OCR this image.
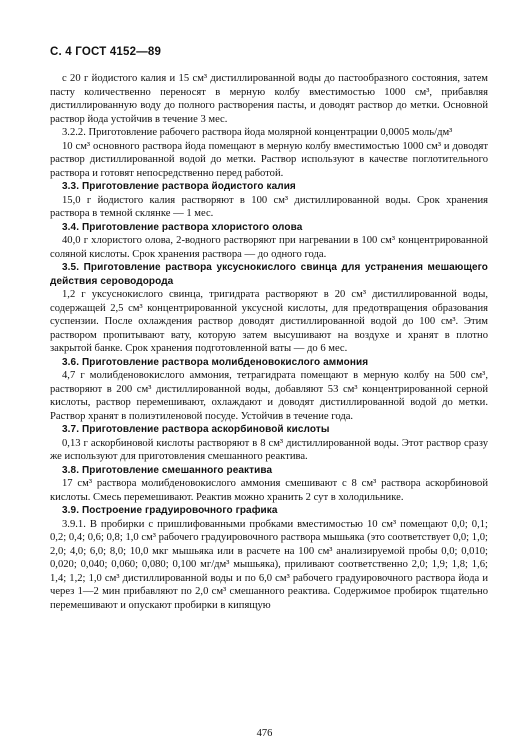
С. 4 ГОСТ 4152—89

с 20 г йодистого калия и 15 см³ дистиллированной воды до пастообразного состояния, затем пасту количественно переносят в мерную колбу вместимостью 1000 см³, прибавляя дистиллированную воду до полного растворения пасты, и доводят раствор до метки. Основной раствор йода устойчив в течение 3 мес.

3.2.2. Приготовление рабочего раствора йода молярной концентрации 0,0005 моль/дм³

10 см³ основного раствора йода помещают в мерную колбу вместимостью 1000 см³ и доводят раствор дистиллированной водой до метки. Раствор используют в качестве поглотительного раствора и готовят непосредственно перед работой.

3.3. Приготовление раствора йодистого калия

15,0 г йодистого калия растворяют в 100 см³ дистиллированной воды. Срок хранения раствора в темной склянке — 1 мес.

3.4. Приготовление раствора хлористого олова

40,0 г хлористого олова, 2-водного растворяют при нагревании в 100 см³ концентрированной соляной кислоты. Срок хранения раствора — до одного года.

3.5. Приготовление раствора уксуснокислого свинца для устранения мешающего действия сероводорода

1,2 г уксуснокислого свинца, тригидрата растворяют в 20 см³ дистиллированной воды, содержащей 2,5 см³ концентрированной уксусной кислоты, для предотвращения образования суспензии. После охлаждения раствор доводят дистиллированной водой до 100 см³. Этим раствором пропитывают вату, которую затем высушивают на воздухе и хранят в плотно закрытой банке. Срок хранения подготовленной ваты — до 6 мес.

3.6. Приготовление раствора молибденовокислого аммония

4,7 г молибденовокислого аммония, тетрагидрата помещают в мерную колбу на 500 см³, растворяют в 200 см³ дистиллированной воды, добавляют 53 см³ концентрированной серной кислоты, раствор перемешивают, охлаждают и доводят дистиллированной водой до метки. Раствор хранят в полиэтиленовой посуде. Устойчив в течение года.

3.7. Приготовление раствора аскорбиновой кислоты

0,13 г аскорбиновой кислоты растворяют в 8 см³ дистиллированной воды. Этот раствор сразу же используют для приготовления смешанного реактива.

3.8. Приготовление смешанного реактива

17 см³ раствора молибденовокислого аммония смешивают с 8 см³ раствора аскорбиновой кислоты. Смесь перемешивают. Реактив можно хранить 2 сут в холодильнике.

3.9. Построение градуировочного графика

3.9.1. В пробирки с пришлифованными пробками вместимостью 10 см³ помещают 0,0; 0,1; 0,2; 0,4; 0,6; 0,8; 1,0 см³ рабочего градуировочного раствора мышьяка (это соответствует 0,0; 1,0; 2,0; 4,0; 6,0; 8,0; 10,0 мкг мышьяка или в расчете на 100 см³ анализируемой пробы 0,0; 0,010; 0,020; 0,040; 0,060; 0,080; 0,100 мг/дм³ мышьяка), приливают соответственно 2,0; 1,9; 1,8; 1,6; 1,4; 1,2; 1,0 см³ дистиллированной воды и по 6,0 см³ рабочего градуировочного раствора йода и через 1—2 мин прибавляют по 2,0 см³ смешанного реактива. Содержимое пробирок тщательно перемешивают и опускают пробирки в кипящую

476
